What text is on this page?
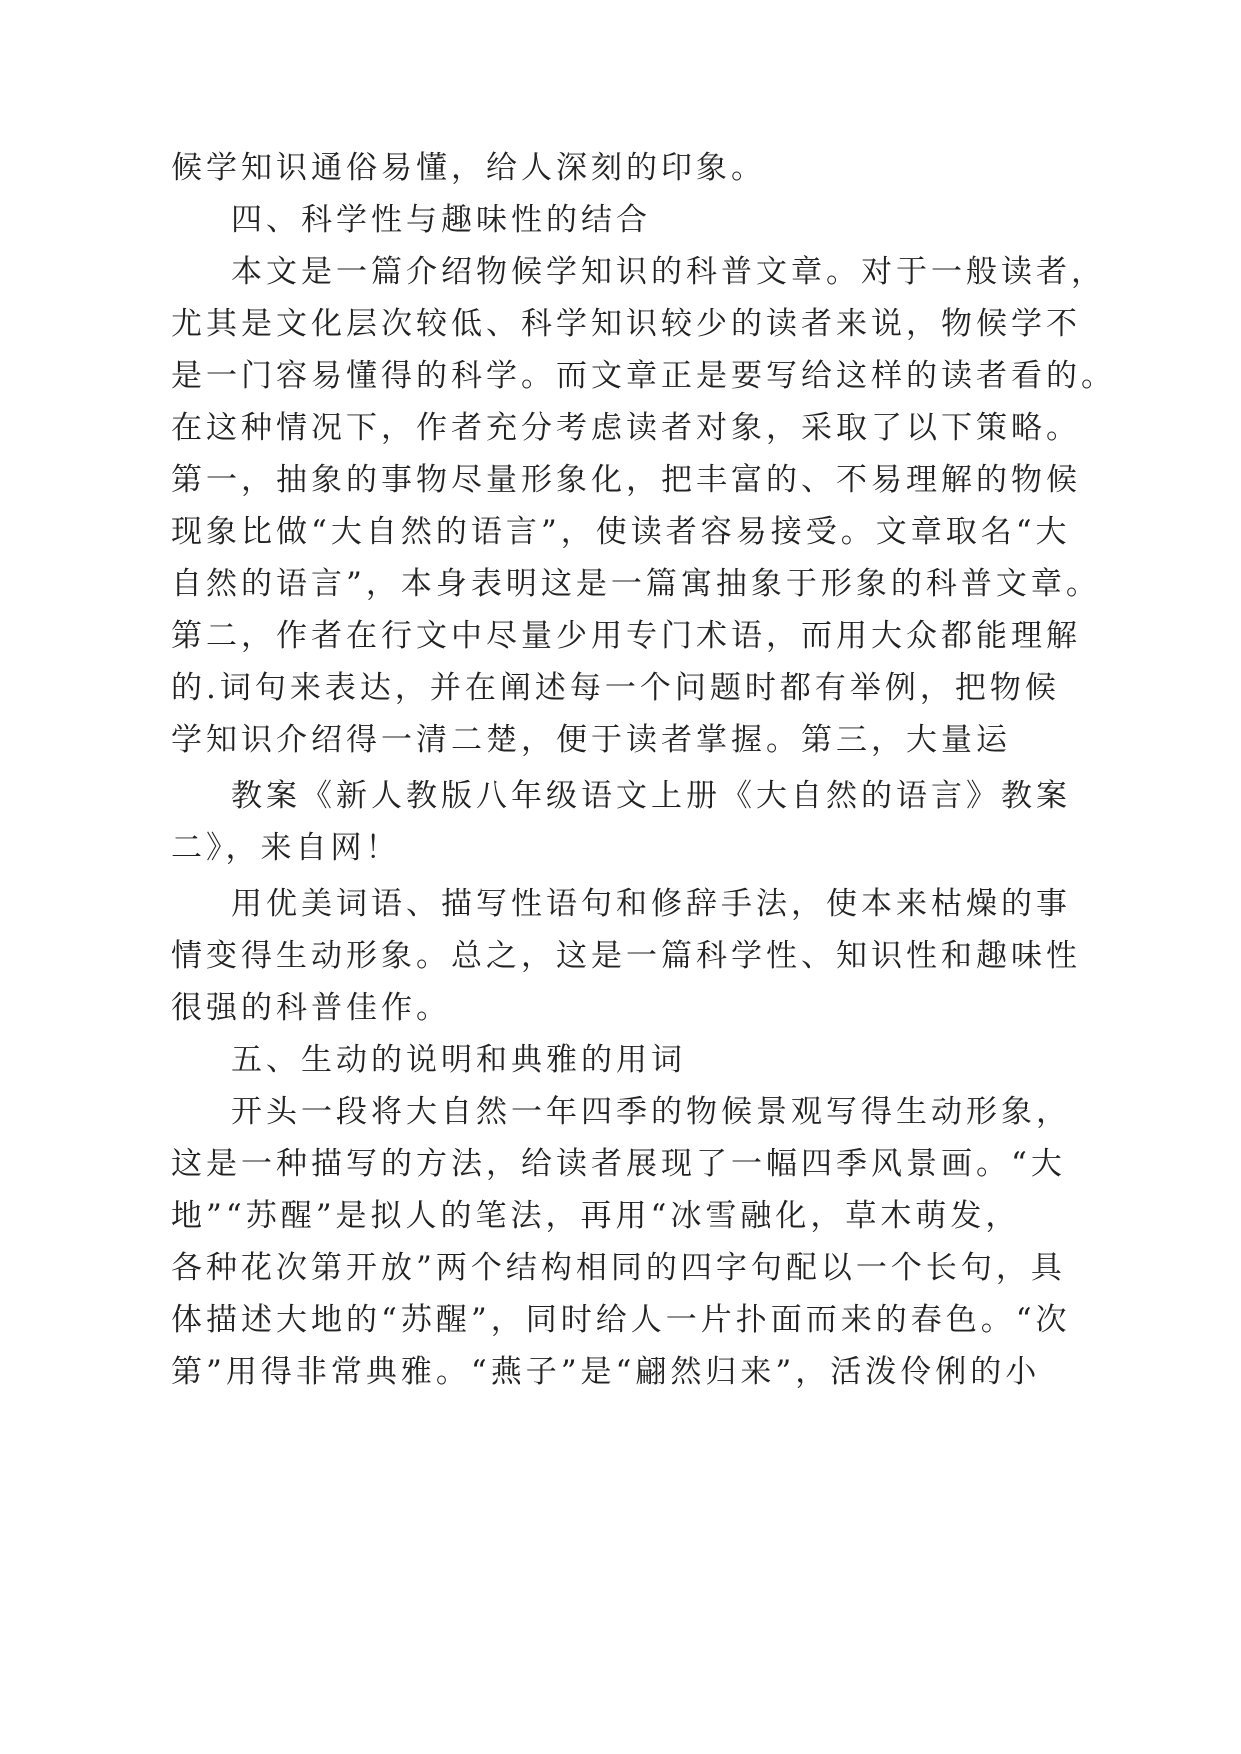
候学知识通俗易懂，给人深刻的印象。
四、科学性与趣味性的结合
本文是一篇介绍物候学知识的科普文章。对于一般读者，
尤其是文化层次较低、科学知识较少的读者来说，物候学不
是一门容易懂得的科学。而文章正是要写给这样的读者看的。
在这种情况下，作者充分考虑读者对象，采取了以下策略。
第一，抽象的事物尽量形象化，把丰富的、不易理解的物候
现象比做“大自然的语言”，使读者容易接受。文章取名“大
自然的语言”，本身表明这是一篇寓抽象于形象的科普文章。
第二，作者在行文中尽量少用专门术语，而用大众都能理解
的.词句来表达，并在阐述每一个问题时都有举例，把物候
学知识介绍得一清二楚，便于读者掌握。第三，大量运
教案《新人教版八年级语文上册《大自然的语言》教案
二》，来自网！
用优美词语、描写性语句和修辞手法，使本来枯燥的事
情变得生动形象。总之，这是一篇科学性、知识性和趣味性
很强的科普佳作。
五、生动的说明和典雅的用词
开头一段将大自然一年四季的物候景观写得生动形象，
这是一种描写的方法，给读者展现了一幅四季风景画。“大
地”“苏醒”是拟人的笔法，再用“冰雪融化，草木萌发，
各种花次第开放”两个结构相同的四字句配以一个长句，具
体描述大地的“苏醒”，同时给人一片扑面而来的春色。“次
第”用得非常典雅。“燕子”是“翩然归来”，活泼伶俐的小
